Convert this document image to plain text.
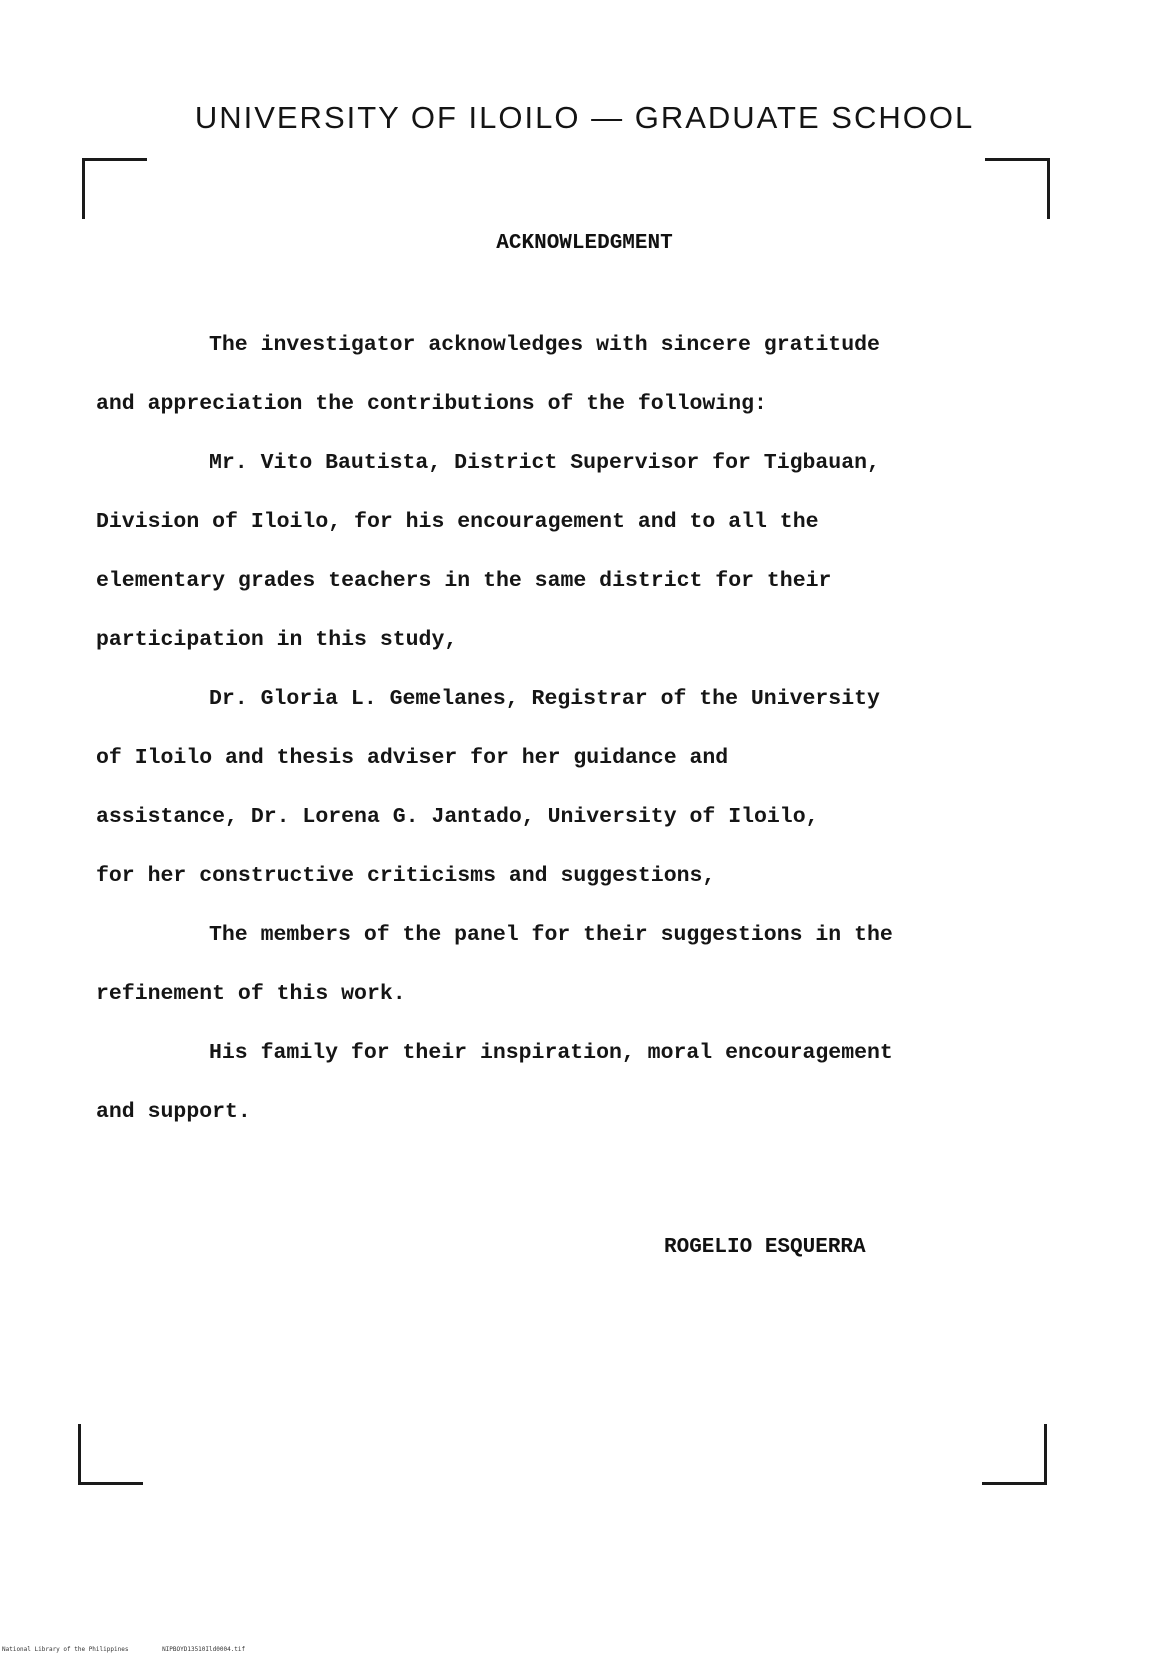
UNIVERSITY OF ILOILO — GRADUATE SCHOOL
ACKNOWLEDGMENT
The investigator acknowledges with sincere gratitude
and appreciation the contributions of the following:
Mr. Vito Bautista, District Supervisor for Tigbauan,
Division of Iloilo, for his encouragement and to all the
elementary grades teachers in the same district for their
participation in this study,
Dr. Gloria L. Gemelanes, Registrar of the University
of Iloilo and thesis adviser for her guidance and
assistance, Dr. Lorena G. Jantado, University of Iloilo,
for her constructive criticisms and suggestions,
The members of the panel for their suggestions in the
refinement of this work.
His family for their inspiration, moral encouragement
and support.
ROGELIO ESQUERRA
National Library of the Philippines	NIPBOYD13510Ild0004.tif
